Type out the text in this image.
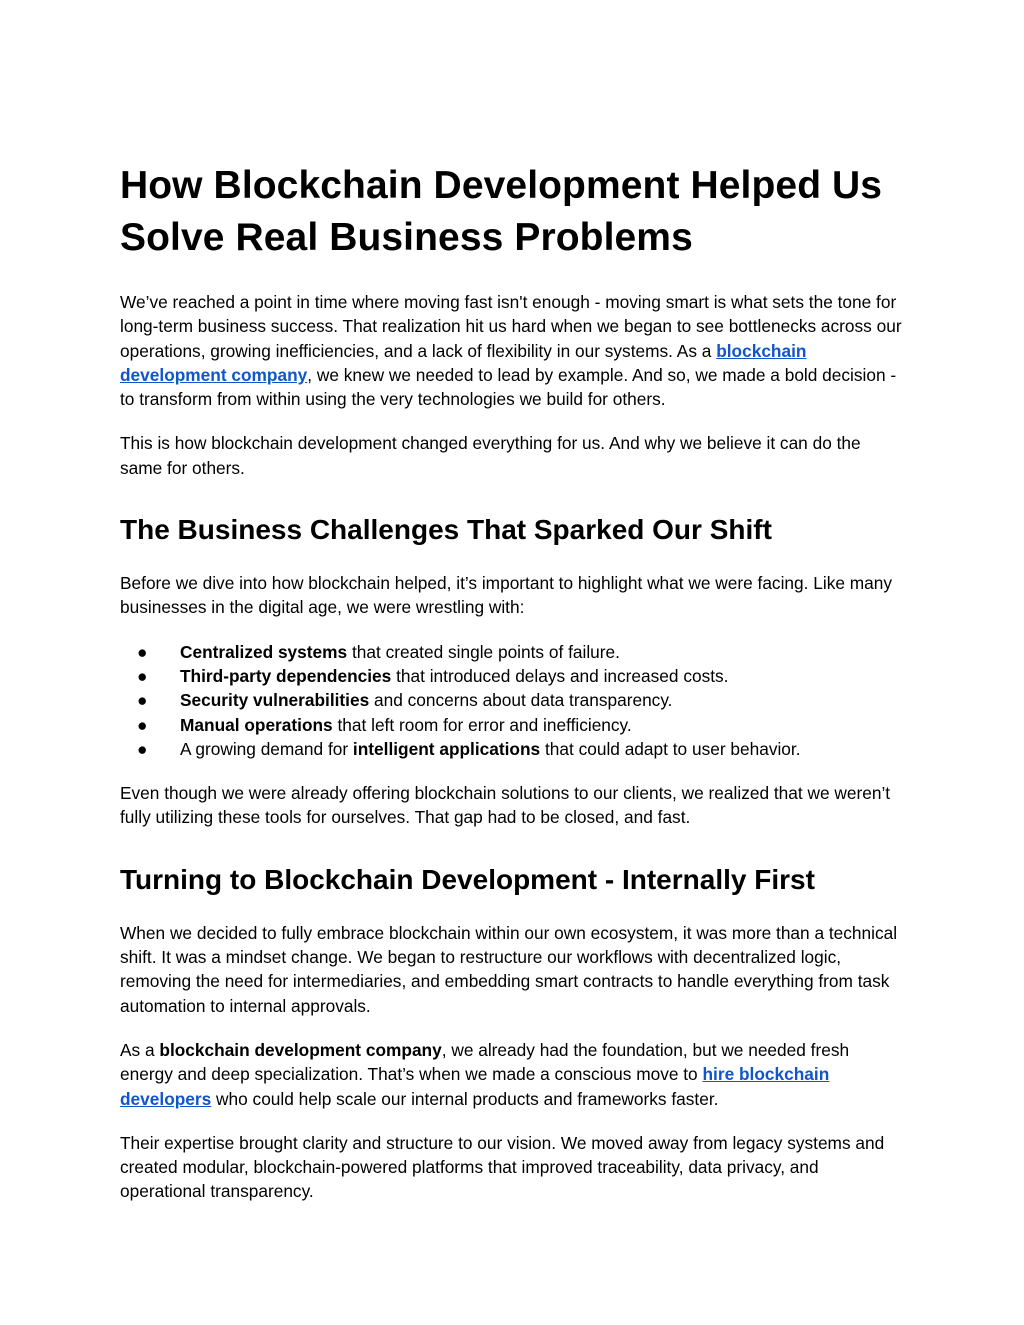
How Blockchain Development Helped Us Solve Real Business Problems

We’ve reached a point in time where moving fast isn't enough - moving smart is what sets the tone for long-term business success. That realization hit us hard when we began to see bottlenecks across our operations, growing inefficiencies, and a lack of flexibility in our systems. As a blockchain development company, we knew we needed to lead by example. And so, we made a bold decision - to transform from within using the very technologies we build for others.

This is how blockchain development changed everything for us. And why we believe it can do the same for others.

The Business Challenges That Sparked Our Shift

Before we dive into how blockchain helped, it’s important to highlight what we were facing. Like many businesses in the digital age, we were wrestling with:

● Centralized systems that created single points of failure.
● Third-party dependencies that introduced delays and increased costs.
● Security vulnerabilities and concerns about data transparency.
● Manual operations that left room for error and inefficiency.
● A growing demand for intelligent applications that could adapt to user behavior.

Even though we were already offering blockchain solutions to our clients, we realized that we weren’t fully utilizing these tools for ourselves. That gap had to be closed, and fast.

Turning to Blockchain Development - Internally First

When we decided to fully embrace blockchain within our own ecosystem, it was more than a technical shift. It was a mindset change. We began to restructure our workflows with decentralized logic, removing the need for intermediaries, and embedding smart contracts to handle everything from task automation to internal approvals.

As a blockchain development company, we already had the foundation, but we needed fresh energy and deep specialization. That’s when we made a conscious move to hire blockchain developers who could help scale our internal products and frameworks faster.

Their expertise brought clarity and structure to our vision. We moved away from legacy systems and created modular, blockchain-powered platforms that improved traceability, data privacy, and operational transparency.
